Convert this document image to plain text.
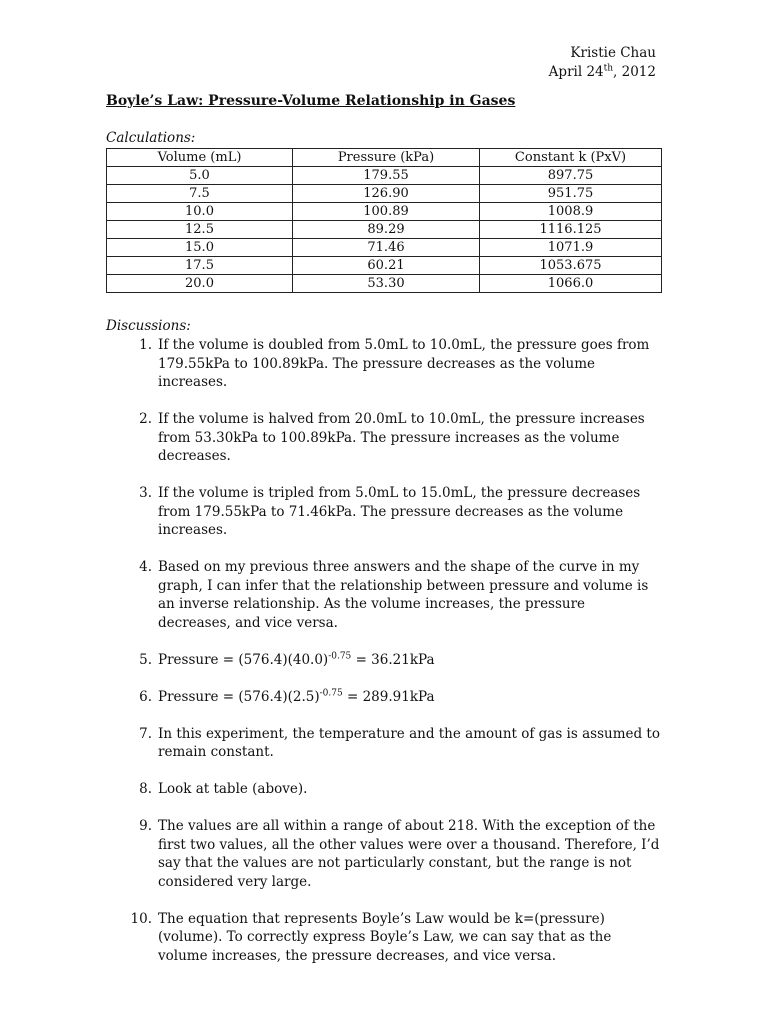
Kristie Chau
April 24th, 2012
Boyle’s Law: Pressure-Volume Relationship in Gases
Calculations:
Volume (mL)	Pressure (kPa)	Constant k (PxV)
5.0	179.55	897.75
7.5	126.90	951.75
10.0	100.89	1008.9
12.5	89.29	1116.125
15.0	71.46	1071.9
17.5	60.21	1053.675
20.0	53.30	1066.0
Discussions:
1. If the volume is doubled from 5.0mL to 10.0mL, the pressure goes from 179.55kPa to 100.89kPa. The pressure decreases as the volume increases.
2. If the volume is halved from 20.0mL to 10.0mL, the pressure increases from 53.30kPa to 100.89kPa. The pressure increases as the volume decreases.
3. If the volume is tripled from 5.0mL to 15.0mL, the pressure decreases from 179.55kPa to 71.46kPa. The pressure decreases as the volume increases.
4. Based on my previous three answers and the shape of the curve in my graph, I can infer that the relationship between pressure and volume is an inverse relationship. As the volume increases, the pressure decreases, and vice versa.
5. Pressure = $(576.4)(40.0)^{-0.75} = 36.21kPa$
6. Pressure = $(576.4)(2.5)^{-0.75} = 289.91kPa$
7. In this experiment, the temperature and the amount of gas is assumed to remain constant.
8. Look at table (above).
9. The values are all within a range of about 218. With the exception of the first two values, all the other values were over a thousand. Therefore, I’d say that the values are not particularly constant, but the range is not considered very large.
10. The equation that represents Boyle’s Law would be k=(pressure)(volume). To correctly express Boyle’s Law, we can say that as the volume increases, the pressure decreases, and vice versa.
